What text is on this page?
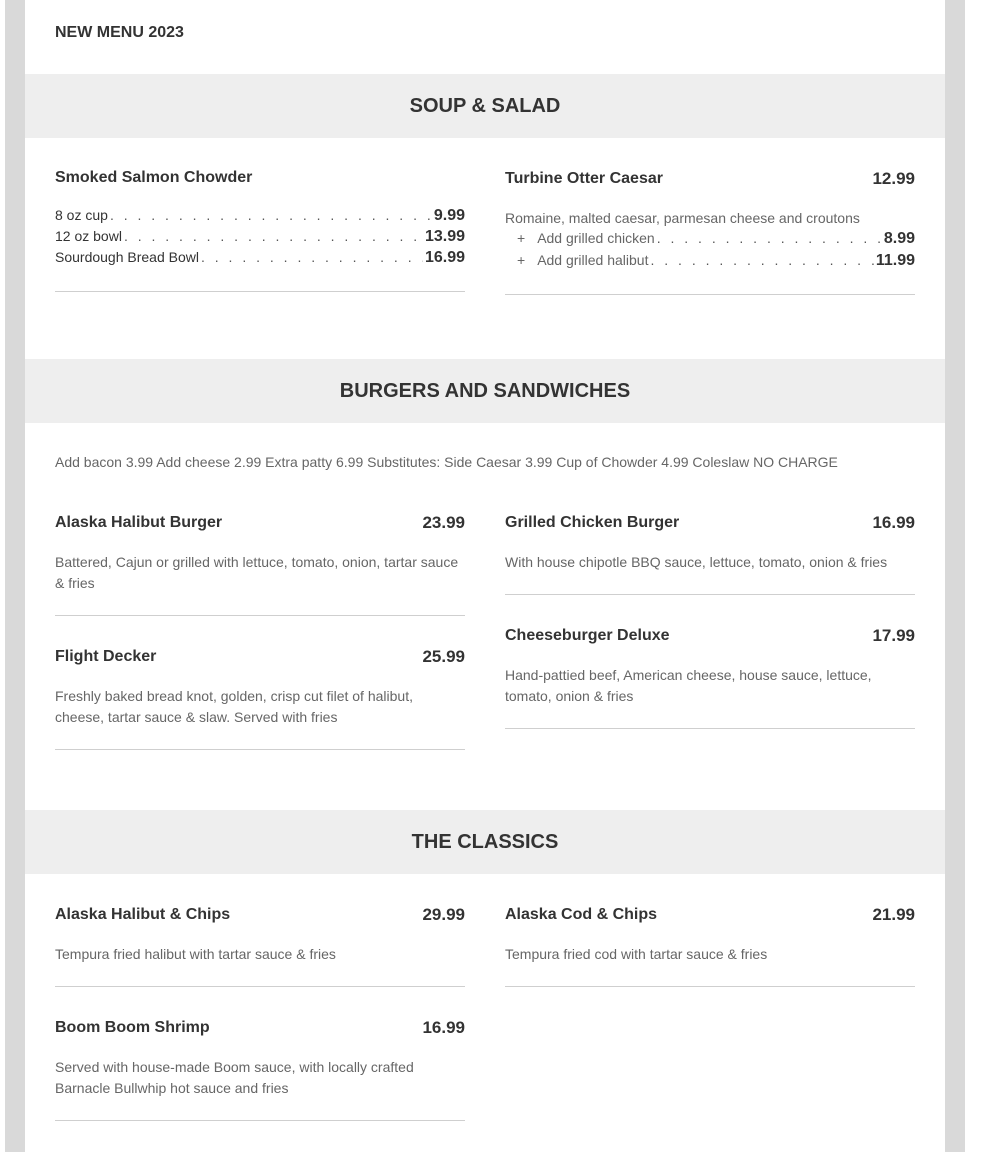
NEW MENU 2023
SOUP & SALAD
Smoked Salmon Chowder
8 oz cup . . .	9.99
12 oz bowl . . .	13.99
Sourdough Bread Bowl . . .	16.99
Turbine Otter Caesar	12.99
Romaine, malted caesar, parmesan cheese and croutons
+ Add grilled chicken . . .	8.99
+ Add grilled halibut . . .	11.99
BURGERS AND SANDWICHES
Add bacon 3.99 Add cheese 2.99 Extra patty 6.99 Substitutes: Side Caesar 3.99 Cup of Chowder 4.99 Coleslaw NO CHARGE
Alaska Halibut Burger	23.99
Battered, Cajun or grilled with lettuce, tomato, onion, tartar sauce & fries
Grilled Chicken Burger	16.99
With house chipotle BBQ sauce, lettuce, tomato, onion & fries
Flight Decker	25.99
Freshly baked bread knot, golden, crisp cut filet of halibut, cheese, tartar sauce & slaw. Served with fries
Cheeseburger Deluxe	17.99
Hand-pattied beef, American cheese, house sauce, lettuce, tomato, onion & fries
THE CLASSICS
Alaska Halibut & Chips	29.99
Tempura fried halibut with tartar sauce & fries
Alaska Cod & Chips	21.99
Tempura fried cod with tartar sauce & fries
Boom Boom Shrimp	16.99
Served with house-made Boom sauce, with locally crafted Barnacle Bullwhip hot sauce and fries
